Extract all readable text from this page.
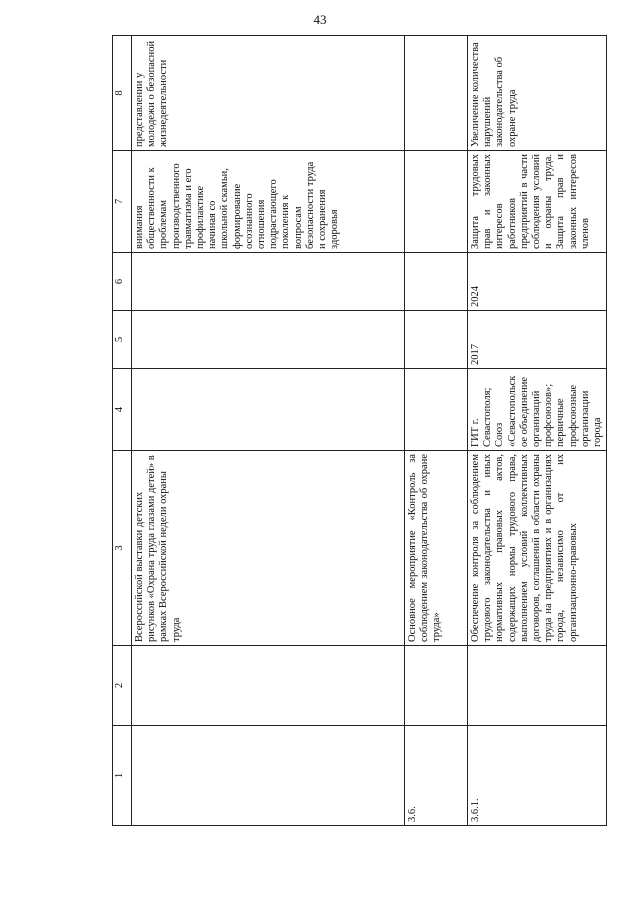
43
1	2	3	4	5	6	7	8
		Всероссийской выставки детских рисунков «Охрана труда глазами детей» в рамках Всероссийской недели охраны труда				внимания общественности к проблемам производственного травматизма и его профилактике начиная со школьной скамьи, формирование осознанного отношения подрастающего поколения к вопросам безопасности труда и сохранения здоровья	представлении у молодежи о безопасной жизнедеятельности
3.6.		Основное мероприятие «Контроль за соблюдением законодательства об охране труда»					
3.6.1.		Обеспечение контроля за соблюдением трудового законодательства и иных нормативных правовых актов, содержащих нормы трудового права, выполнением условий коллективных договоров, соглашений в области охраны труда на предприятиях и в организациях города, независимо от их организационно-правовых	ГИТ г. Севастополя; Союз «Севастопольское объединение организаций профсоюзов»; первичные профсоюзные организации города	2017	2024	Защита трудовых прав и законных интересов работников предприятий в части соблюдения условий и охраны труда. Защита прав и законных интересов членов	Увеличение количества нарушений законодательства об охране труда
